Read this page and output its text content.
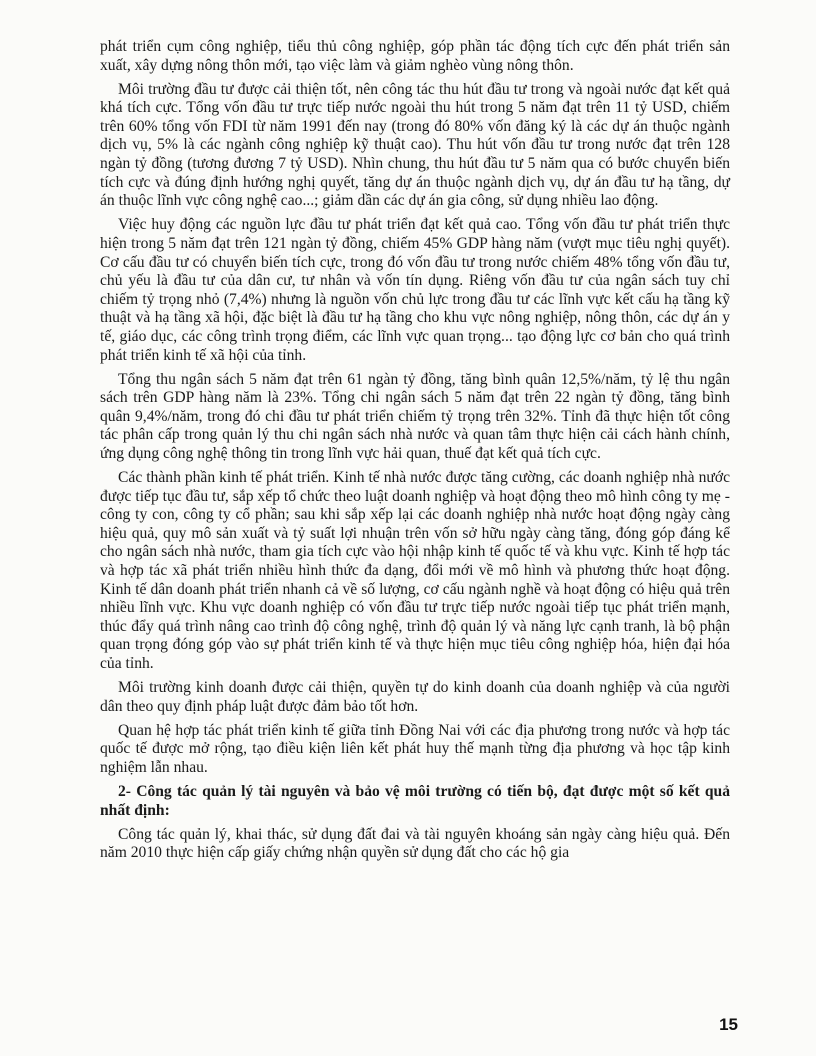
phát triển cụm công nghiệp, tiểu thủ công nghiệp, góp phần tác động tích cực đến phát triển sản xuất, xây dựng nông thôn mới, tạo việc làm và giảm nghèo vùng nông thôn.

Môi trường đầu tư được cải thiện tốt, nên công tác thu hút đầu tư trong và ngoài nước đạt kết quả khá tích cực. Tổng vốn đầu tư trực tiếp nước ngoài thu hút trong 5 năm đạt trên 11 tỷ USD, chiếm trên 60% tổng vốn FDI từ năm 1991 đến nay (trong đó 80% vốn đăng ký là các dự án thuộc ngành dịch vụ, 5% là các ngành công nghiệp kỹ thuật cao). Thu hút vốn đầu tư trong nước đạt trên 128 ngàn tỷ đồng (tương đương 7 tỷ USD). Nhìn chung, thu hút đầu tư 5 năm qua có bước chuyển biến tích cực và đúng định hướng nghị quyết, tăng dự án thuộc ngành dịch vụ, dự án đầu tư hạ tầng, dự án thuộc lĩnh vực công nghệ cao...; giảm dần các dự án gia công, sử dụng nhiều lao động.

Việc huy động các nguồn lực đầu tư phát triển đạt kết quả cao. Tổng vốn đầu tư phát triển thực hiện trong 5 năm đạt trên 121 ngàn tỷ đồng, chiếm 45% GDP hàng năm (vượt mục tiêu nghị quyết). Cơ cấu đầu tư có chuyển biến tích cực, trong đó vốn đầu tư trong nước chiếm 48% tổng vốn đầu tư, chủ yếu là đầu tư của dân cư, tư nhân và vốn tín dụng. Riêng vốn đầu tư của ngân sách tuy chỉ chiếm tỷ trọng nhỏ (7,4%) nhưng là nguồn vốn chủ lực trong đầu tư các lĩnh vực kết cấu hạ tầng kỹ thuật và hạ tầng xã hội, đặc biệt là đầu tư hạ tầng cho khu vực nông nghiệp, nông thôn, các dự án y tế, giáo dục, các công trình trọng điểm, các lĩnh vực quan trọng... tạo động lực cơ bản cho quá trình phát triển kinh tế xã hội của tỉnh.

Tổng thu ngân sách 5 năm đạt trên 61 ngàn tỷ đồng, tăng bình quân 12,5%/năm, tỷ lệ thu ngân sách trên GDP hàng năm là 23%. Tổng chi ngân sách 5 năm đạt trên 22 ngàn tỷ đồng, tăng bình quân 9,4%/năm, trong đó chi đầu tư phát triển chiếm tỷ trọng trên 32%. Tỉnh đã thực hiện tốt công tác phân cấp trong quản lý thu chi ngân sách nhà nước và quan tâm thực hiện cải cách hành chính, ứng dụng công nghệ thông tin trong lĩnh vực hải quan, thuế đạt kết quả tích cực.

Các thành phần kinh tế phát triển. Kinh tế nhà nước được tăng cường, các doanh nghiệp nhà nước được tiếp tục đầu tư, sắp xếp tổ chức theo luật doanh nghiệp và hoạt động theo mô hình công ty mẹ - công ty con, công ty cổ phần; sau khi sắp xếp lại các doanh nghiệp nhà nước hoạt động ngày càng hiệu quả, quy mô sản xuất và tỷ suất lợi nhuận trên vốn sở hữu ngày càng tăng, đóng góp đáng kể cho ngân sách nhà nước, tham gia tích cực vào hội nhập kinh tế quốc tế và khu vực. Kinh tế hợp tác và hợp tác xã phát triển nhiều hình thức đa dạng, đổi mới về mô hình và phương thức hoạt động. Kinh tế dân doanh phát triển nhanh cả về số lượng, cơ cấu ngành nghề và hoạt động có hiệu quả trên nhiều lĩnh vực. Khu vực doanh nghiệp có vốn đầu tư trực tiếp nước ngoài tiếp tục phát triển mạnh, thúc đẩy quá trình nâng cao trình độ công nghệ, trình độ quản lý và năng lực cạnh tranh, là bộ phận quan trọng đóng góp vào sự phát triển kinh tế và thực hiện mục tiêu công nghiệp hóa, hiện đại hóa của tỉnh.

Môi trường kinh doanh được cải thiện, quyền tự do kinh doanh của doanh nghiệp và của người dân theo quy định pháp luật được đảm bảo tốt hơn.

Quan hệ hợp tác phát triển kinh tế giữa tỉnh Đồng Nai với các địa phương trong nước và hợp tác quốc tế được mở rộng, tạo điều kiện liên kết phát huy thế mạnh từng địa phương và học tập kinh nghiệm lẫn nhau.

2- Công tác quản lý tài nguyên và bảo vệ môi trường có tiến bộ, đạt được một số kết quả nhất định:

Công tác quản lý, khai thác, sử dụng đất đai và tài nguyên khoáng sản ngày càng hiệu quả. Đến năm 2010 thực hiện cấp giấy chứng nhận quyền sử dụng đất cho các hộ gia

15
